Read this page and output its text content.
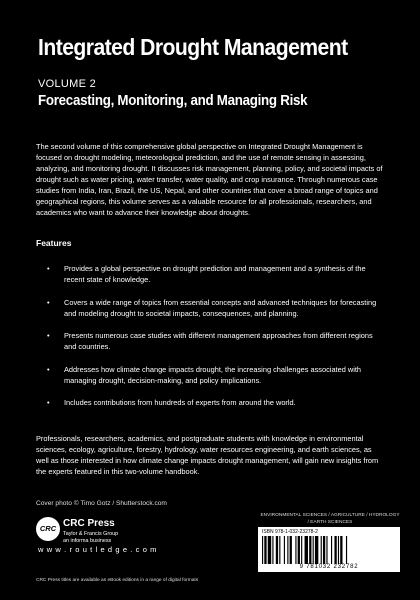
Integrated Drought Management
VOLUME 2
Forecasting, Monitoring, and Managing Risk

The second volume of this comprehensive global perspective on Integrated Drought Management is focused on drought modeling, meteorological prediction, and the use of remote sensing in assessing, analyzing, and monitoring drought. It discusses risk management, planning, policy, and societal impacts of drought such as water pricing, water transfer, water quality, and crop insurance. Through numerous case studies from India, Iran, Brazil, the US, Nepal, and other countries that cover a broad range of topics and geographical regions, this volume serves as a valuable resource for all professionals, researchers, and academics who want to advance their knowledge about droughts.

Features
• Provides a global perspective on drought prediction and management and a synthesis of the recent state of knowledge.
• Covers a wide range of topics from essential concepts and advanced techniques for forecasting and modeling drought to societal impacts, consequences, and planning.
• Presents numerous case studies with different management approaches from different regions and countries.
• Addresses how climate change impacts drought, the increasing challenges associated with managing drought, decision-making, and policy implications.
• Includes contributions from hundreds of experts from around the world.

Professionals, researchers, academics, and postgraduate students with knowledge in environmental sciences, ecology, agriculture, forestry, hydrology, water resources engineering, and earth sciences, as well as those interested in how climate change impacts drought management, will gain new insights from the experts featured in this two-volume handbook.

Cover photo © Timo Gotz / Shutterstock.com
CRC CRC Press
Taylor & Francis Group
an informa business
w w w . r o u t l e d g e . c o m
ENVIRONMENTAL SCIENCES / AGRICULTURE / HYDROLOGY / EARTH SCIENCES
ISBN 978-1-032-23278-2
9 781032 232782
CRC Press titles are available as eBook editions in a range of digital formats
